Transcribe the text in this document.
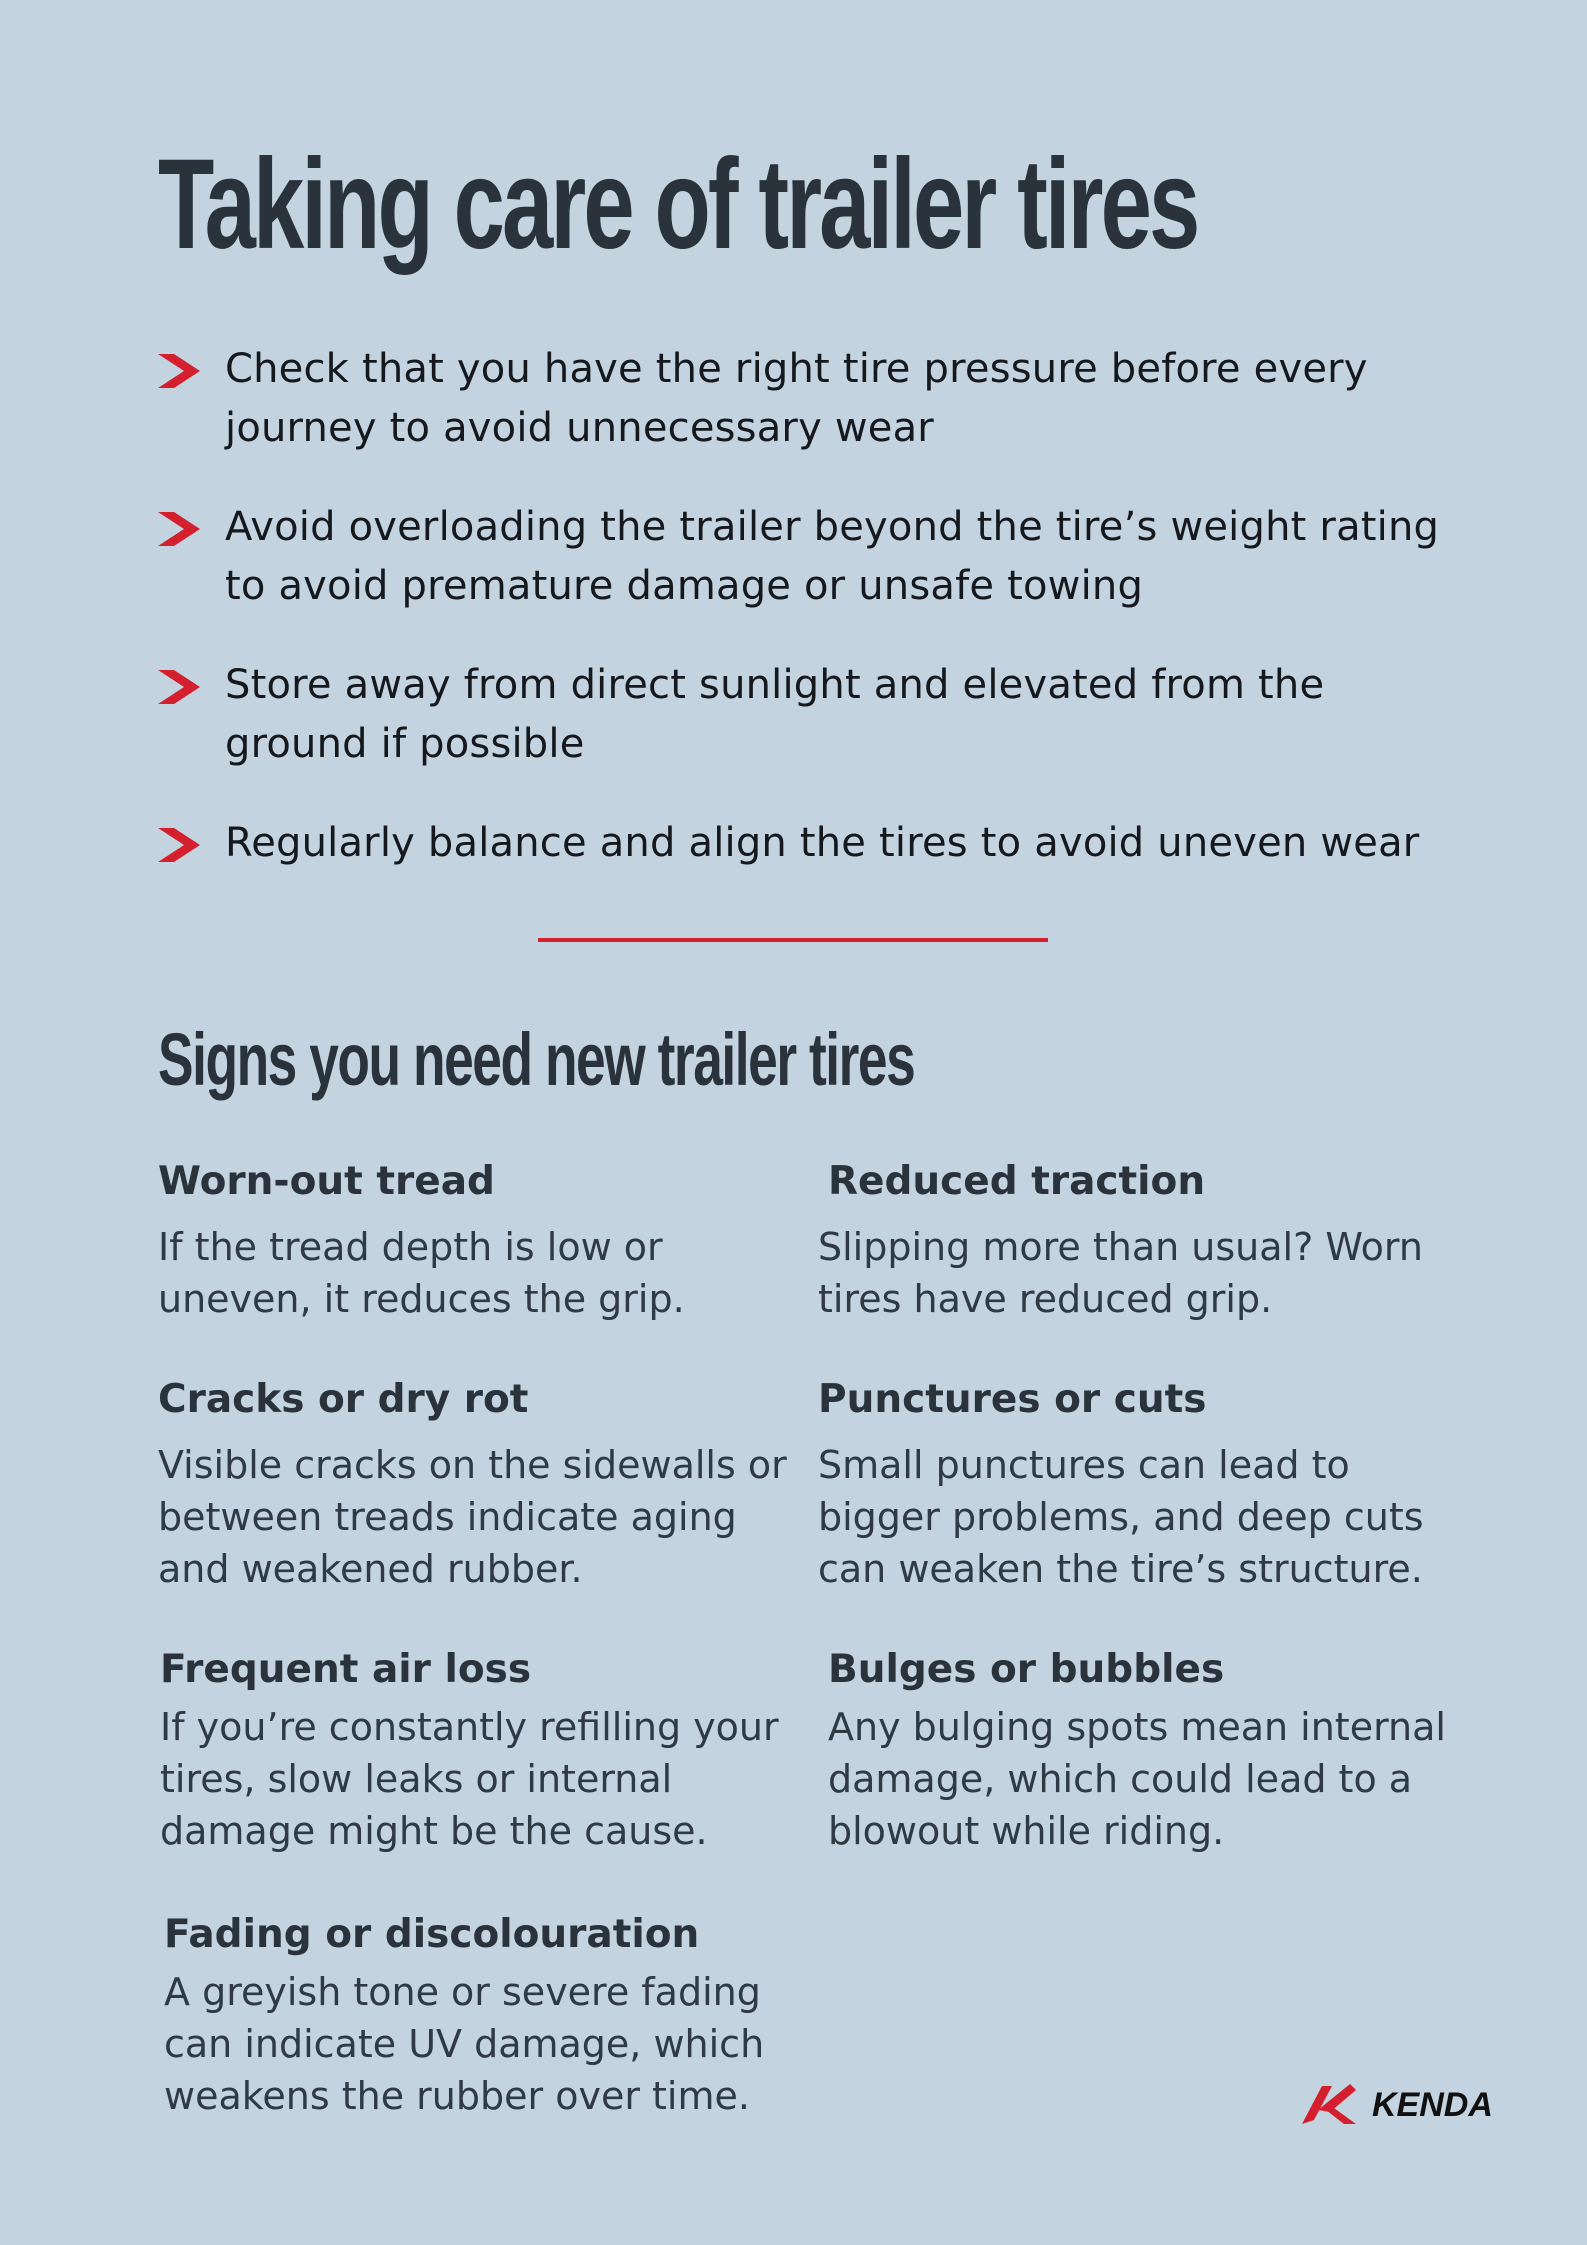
Taking care of trailer tires
Check that you have the right tire pressure before every journey to avoid unnecessary wear
Avoid overloading the trailer beyond the tire’s weight rating to avoid premature damage or unsafe towing
Store away from direct sunlight and elevated from the ground if possible
Regularly balance and align the tires to avoid uneven wear
Signs you need new trailer tires
Worn-out tread

If the tread depth is low or uneven, it reduces the grip.

Reduced traction

Slipping more than usual? Worn tires have reduced grip.

Cracks or dry rot

Visible cracks on the sidewalls or between treads indicate aging and weakened rubber.

Punctures or cuts

Small punctures can lead to bigger problems, and deep cuts can weaken the tire’s structure.

Frequent air loss

If you’re constantly refilling your tires, slow leaks or internal damage might be the cause.

Bulges or bubbles

Any bulging spots mean internal damage, which could lead to a blowout while riding.

Fading or discolouration

A greyish tone or severe fading can indicate UV damage, which weakens the rubber over time.	KENDA
